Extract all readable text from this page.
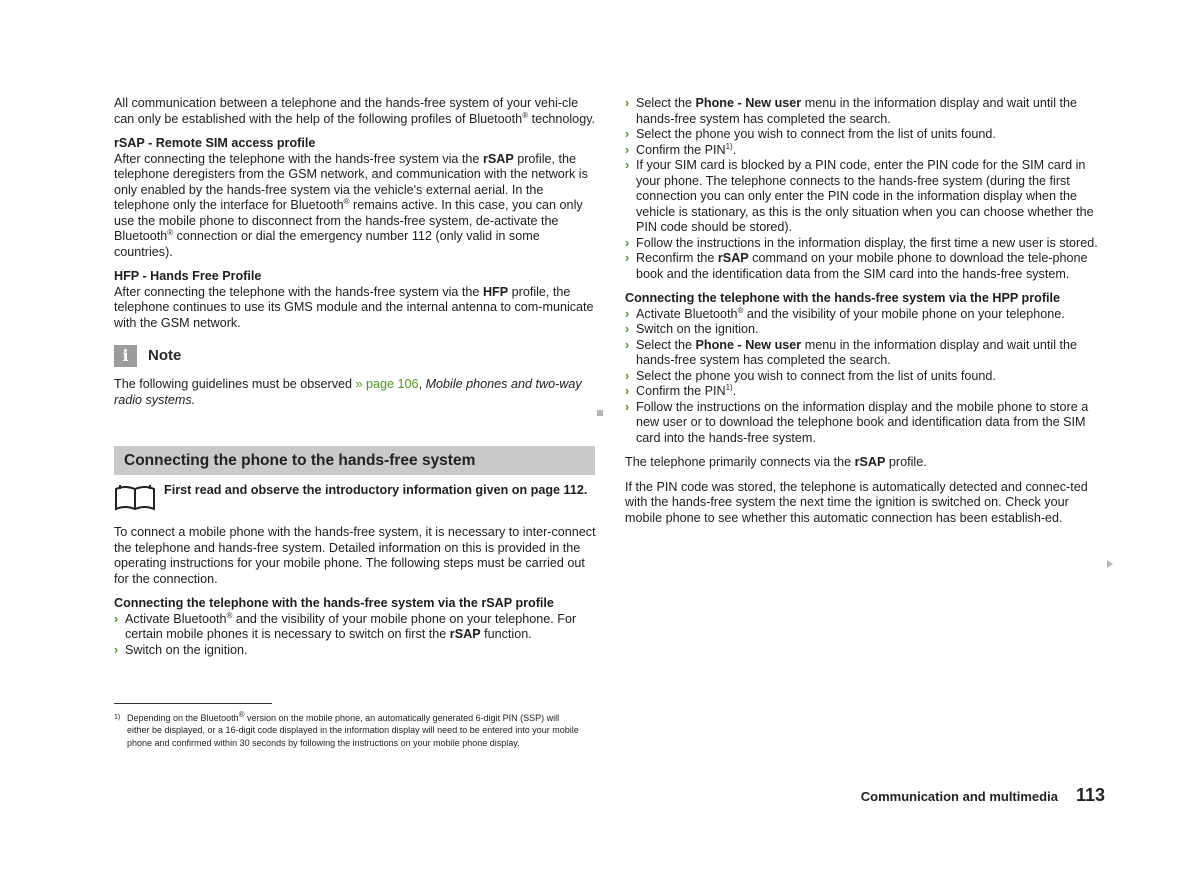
All communication between a telephone and the hands-free system of your vehi-cle can only be established with the help of the following profiles of Bluetooth® technology.

rSAP - Remote SIM access profile

After connecting the telephone with the hands-free system via the rSAP profile, the telephone deregisters from the GSM network, and communication with the network is only enabled by the hands-free system via the vehicle's external aerial. In the telephone only the interface for Bluetooth® remains active. In this case, you can only use the mobile phone to disconnect from the hands-free system, de-activate the Bluetooth® connection or dial the emergency number 112 (only valid in some countries).

HFP - Hands Free Profile

After connecting the telephone with the hands-free system via the HFP profile, the telephone continues to use its GMS module and the internal antenna to com-municate with the GSM network.

i	Note

The following guidelines must be observed » page 106, Mobile phones and two-way radio systems.

Connecting the phone to the hands-free system
First read and observe the introductory information given on page 112.

To connect a mobile phone with the hands-free system, it is necessary to inter-connect the telephone and hands-free system. Detailed information on this is provided in the operating instructions for your mobile phone. The following steps must be carried out for the connection.

Connecting the telephone with the hands-free system via the rSAP profile
› Activate Bluetooth® and the visibility of your mobile phone on your telephone. For certain mobile phones it is necessary to switch on first the rSAP function.
› Switch on the ignition.
1) Depending on the Bluetooth® version on the mobile phone, an automatically generated 6-digit PIN (SSP) will either be displayed, or a 16-digit code displayed in the information display will need to be entered into your mobile phone and confirmed within 30 seconds by following the instructions on your mobile phone display.
› Select the Phone - New user menu in the information display and wait until the hands-free system has completed the search.
› Select the phone you wish to connect from the list of units found.
› Confirm the PIN$^{1)}$.
› If your SIM card is blocked by a PIN code, enter the PIN code for the SIM card in your phone. The telephone connects to the hands-free system (during the first connection you can only enter the PIN code in the information display when the vehicle is stationary, as this is the only situation when you can choose whether the PIN code should be stored).
› Follow the instructions in the information display, the first time a new user is stored.
› Reconfirm the rSAP command on your mobile phone to download the tele-phone book and the identification data from the SIM card into the hands-free system.
Connecting the telephone with the hands-free system via the HPP profile
› Activate Bluetooth® and the visibility of your mobile phone on your telephone.
› Switch on the ignition.
› Select the Phone - New user menu in the information display and wait until the hands-free system has completed the search.
› Select the phone you wish to connect from the list of units found.
› Confirm the PIN$^{1)}$.
› Follow the instructions on the information display and the mobile phone to store a new user or to download the telephone book and identification data from the SIM card into the hands-free system.

The telephone primarily connects via the rSAP profile.

If the PIN code was stored, the telephone is automatically detected and connec-ted with the hands-free system the next time the ignition is switched on. Check your mobile phone to see whether this automatic connection has been establish-ed.

Communication and multimedia 113
